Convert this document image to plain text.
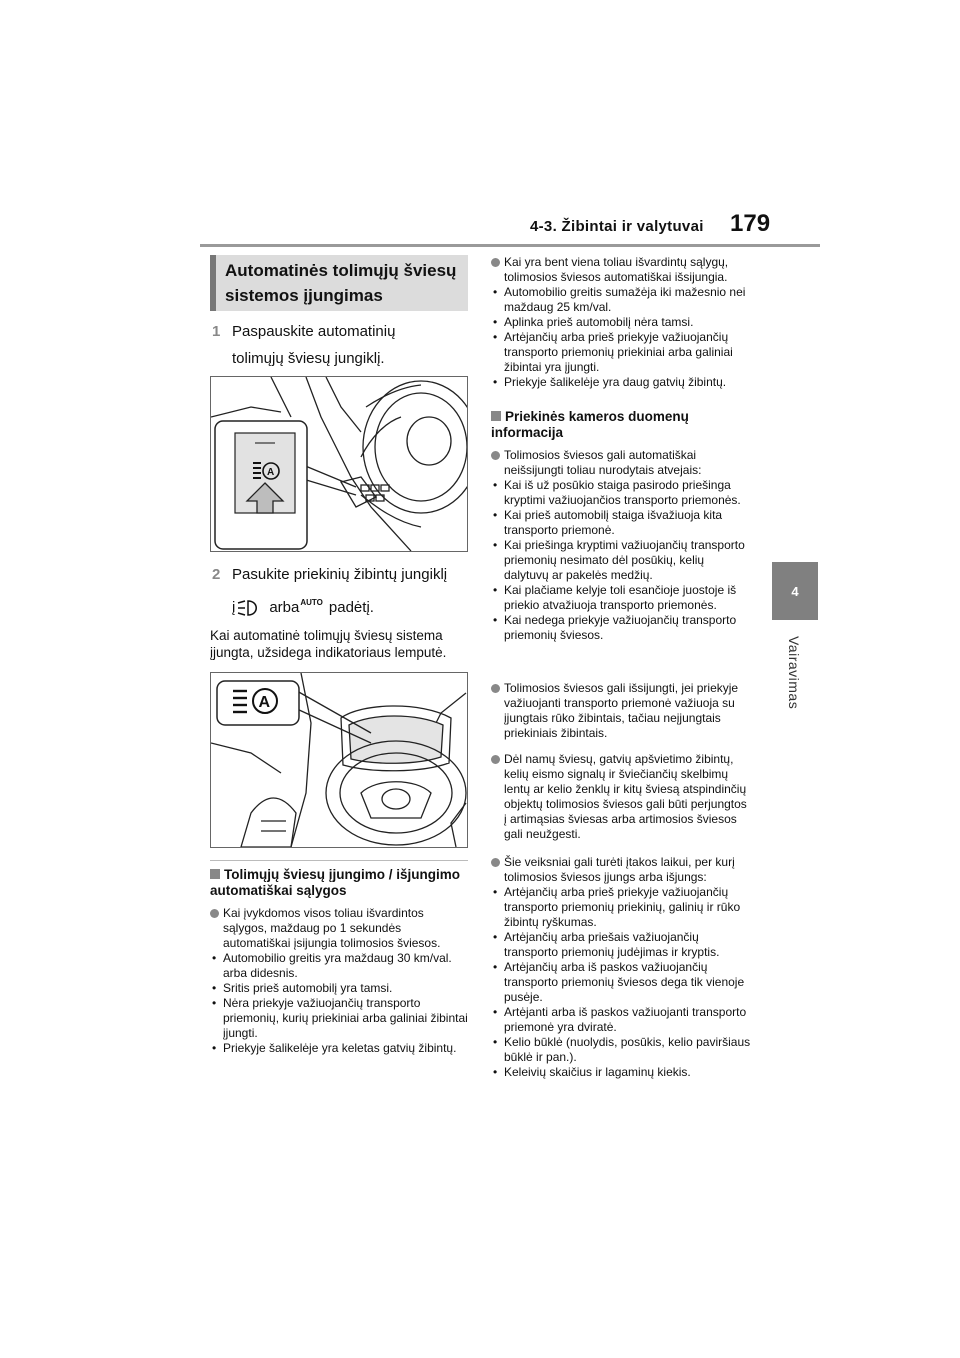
4-3. Žibintai ir valytuvai 179
4
Vairavimas
Automatinės tolimųjų šviesų
sistemos įjungimas
1 Paspauskite automatinių
tolimųjų šviesų jungiklį.
A
2 Pasukite priekinių žibintų jungiklį
į arba AUTO padėtį.
Kai automatinė tolimųjų šviesų sistema įjungta, užsidega indikatoriaus lemputė.
A
Tolimųjų šviesų įjungimo / išjungimo automatiškai sąlygos
Kai įvykdomos visos toliau išvardintos sąlygos, maždaug po 1 sekundės automatiškai įsijungia tolimosios šviesos.
• Automobilio greitis yra maždaug 30 km/val. arba didesnis.
• Sritis prieš automobilį yra tamsi.
• Nėra priekyje važiuojančių transporto priemonių, kurių priekiniai arba galiniai žibintai įjungti.
• Priekyje šalikelėje yra keletas gatvių žibintų.
Kai yra bent viena toliau išvardintų sąlygų, tolimosios šviesos automatiškai išsijungia.
• Automobilio greitis sumažėja iki mažesnio nei maždaug 25 km/val.
• Aplinka prieš automobilį nėra tamsi.
• Artėjančių arba prieš priekyje važiuojančių transporto priemonių priekiniai arba galiniai žibintai yra įjungti.
• Priekyje šalikelėje yra daug gatvių žibintų.
Priekinės kameros duomenų informacija
Tolimosios šviesos gali automatiškai neišsijungti toliau nurodytais atvejais:
• Kai iš už posūkio staiga pasirodo priešinga kryptimi važiuojančios transporto priemonės.
• Kai prieš automobilį staiga išvažiuoja kita transporto priemonė.
• Kai priešinga kryptimi važiuojančių transporto priemonių nesimato dėl posūkių, kelių dalytuvų ar pakelės medžių.
• Kai plačiame kelyje toli esančioje juostoje iš priekio atvažiuoja transporto priemonės.
• Kai nedega priekyje važiuojančių transporto priemonių šviesos.
Tolimosios šviesos gali išsijungti, jei priekyje važiuojanti transporto priemonė važiuoja su įjungtais rūko žibintais, tačiau neįjungtais priekiniais žibintais.
Dėl namų šviesų, gatvių apšvietimo žibintų, kelių eismo signalų ir šviečiančių skelbimų lentų ar kelio ženklų ir kitų šviesą atspindinčių objektų tolimosios šviesos gali būti perjungtos į artimąsias šviesas arba artimosios šviesos gali neužgesti.
Šie veiksniai gali turėti įtakos laikui, per kurį tolimosios šviesos įjungs arba išjungs:
• Artėjančių arba prieš priekyje važiuojančių transporto priemonių priekinių, galinių ir rūko žibintų ryškumas.
• Artėjančių arba priešais važiuojančių transporto priemonių judėjimas ir kryptis.
• Artėjančių arba iš paskos važiuojančių transporto priemonių šviesos dega tik vienoje pusėje.
• Artėjanti arba iš paskos važiuojanti transporto priemonė yra dviratė.
• Kelio būklė (nuolydis, posūkis, kelio paviršiaus būklė ir pan.).
• Keleivių skaičius ir lagaminų kiekis.
